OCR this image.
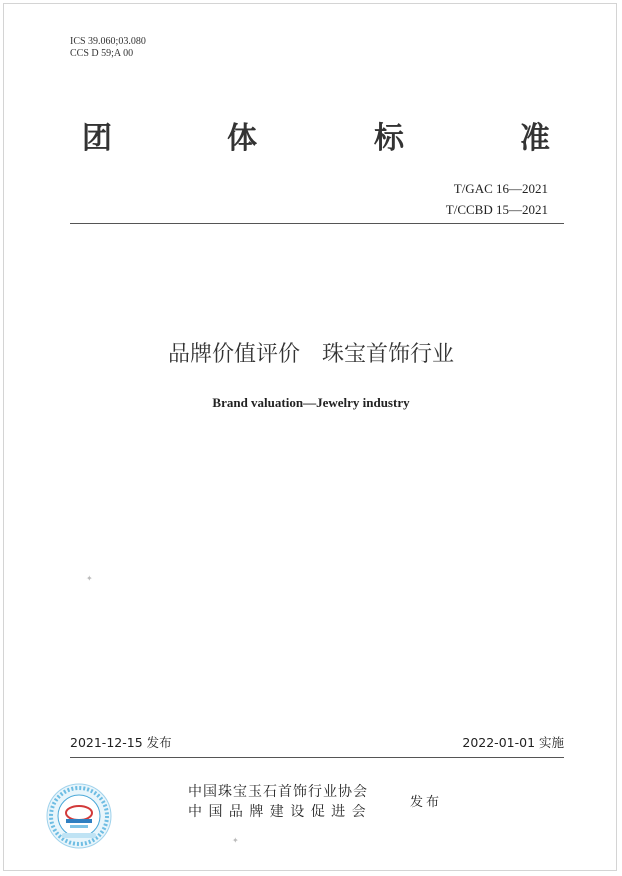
ICS 39.060;03.080
CCS D 59;A 00
团	体	标	准
T/GAC 16—2021
T/CCBD 15—2021
品牌价值评价　珠宝首饰行业
Brand valuation—Jewelry industry
✦
✦
2021-12-15 发布	2022-01-01 实施
中国珠宝玉石首饰行业协会
中 国 品 牌 建 设 促 进 会
发布
